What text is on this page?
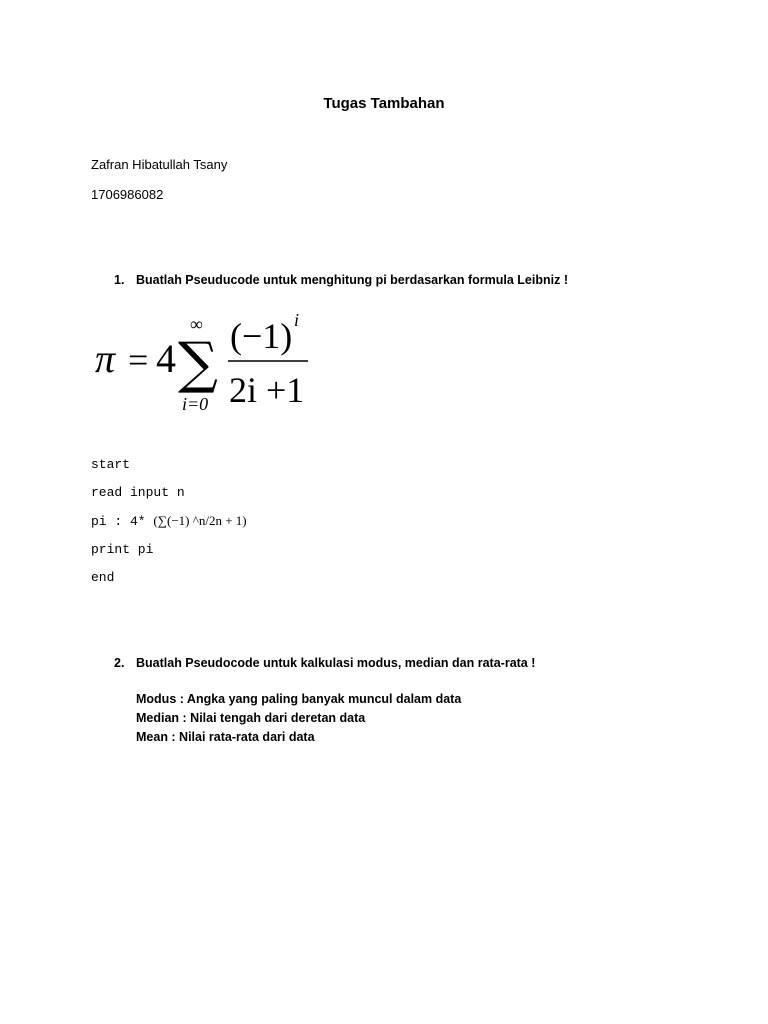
Tugas Tambahan
Zafran Hibatullah Tsany
1706986082
1. Buatlah Pseuducode untuk menghitung pi berdasarkan formula Leibniz !
π = 4 ∑
∞
i=0
(−1) i
2i +1
start
read input n
pi : 4* (∑(−1) ^n/2n + 1)
print pi
end
2. Buatlah Pseudocode untuk kalkulasi modus, median dan rata-rata !
Modus : Angka yang paling banyak muncul dalam data
Median : Nilai tengah dari deretan data
Mean : Nilai rata-rata dari data
